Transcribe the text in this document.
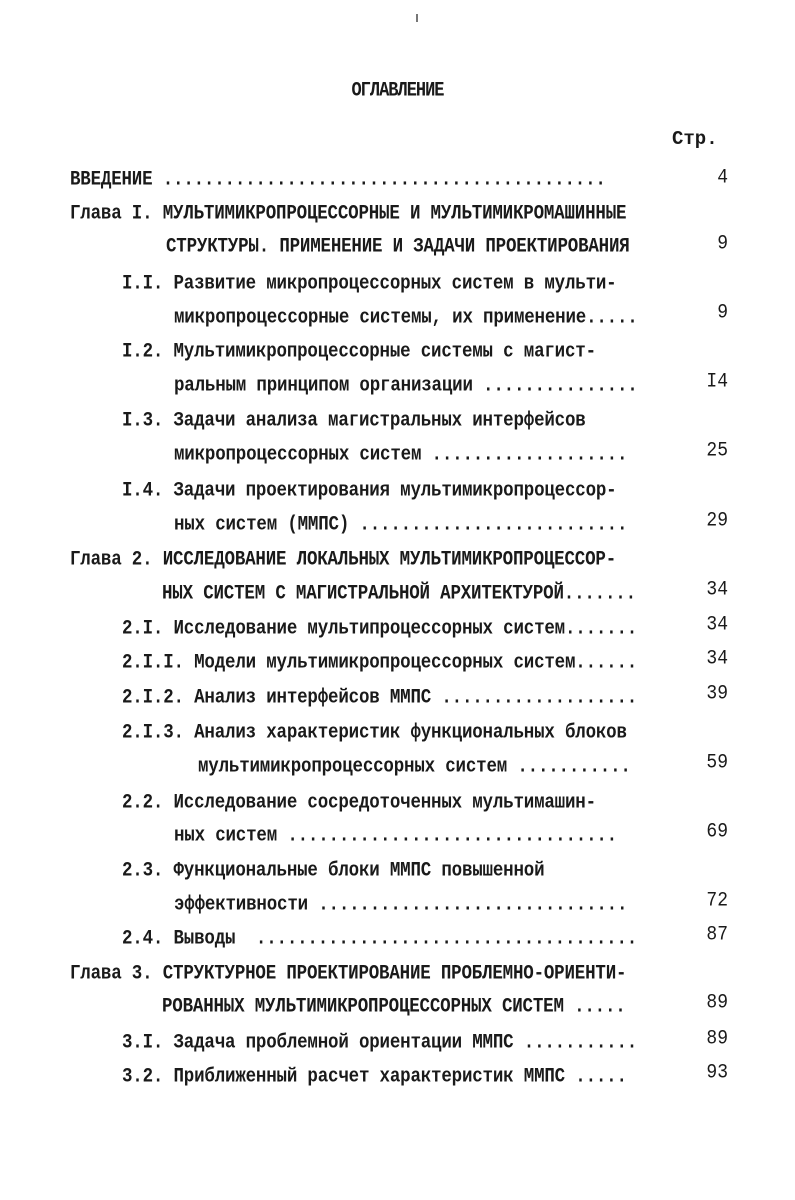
ОГЛАВЛЕНИЕ
Стр.
ВВЕДЕНИЕ ...........................................	4
Глава I. МУЛЬТИМИКРОПРОЦЕССОРНЫЕ И МУЛЬТИМИКРОМАШИННЫЕ
СТРУКТУРЫ. ПРИМЕНЕНИЕ И ЗАДАЧИ ПРОЕКТИРОВАНИЯ	9
I.I. Развитие микропроцессорных систем в мульти-
микропроцессорные системы, их применение.....	9
I.2. Мультимикропроцессорные системы с магист-
ральным принципом организации ...............	I4
I.3. Задачи анализа магистральных интерфейсов
микропроцессорных систем ...................	25
I.4. Задачи проектирования мультимикропроцессор-
ных систем (ММПС) ..........................	29
Глава 2. ИССЛЕДОВАНИЕ ЛОКАЛЬНЫХ МУЛЬТИМИКРОПРОЦЕССОР-
НЫХ СИСТЕМ С МАГИСТРАЛЬНОЙ АРХИТЕКТУРОЙ.......	34
2.I. Исследование мультипроцессорных систем.......	34
2.I.I. Модели мультимикропроцессорных систем......	34
2.I.2. Анализ интерфейсов ММПС ...................	39
2.I.3. Анализ характеристик функциональных блоков
мультимикропроцессорных систем ...........	59
2.2. Исследование сосредоточенных мультимашин-
ных систем ................................	69
2.3. Функциональные блоки ММПС повышенной
эффективности ..............................	72
2.4. Выводы  .....................................	87
Глава 3. СТРУКТУРНОЕ ПРОЕКТИРОВАНИЕ ПРОБЛЕМНО-ОРИЕНТИ-
РОВАННЫХ МУЛЬТИМИКРОПРОЦЕССОРНЫХ СИСТЕМ .....	89
3.I. Задача проблемной ориентации ММПС ...........	89
3.2. Приближенный расчет характеристик ММПС .....	93
